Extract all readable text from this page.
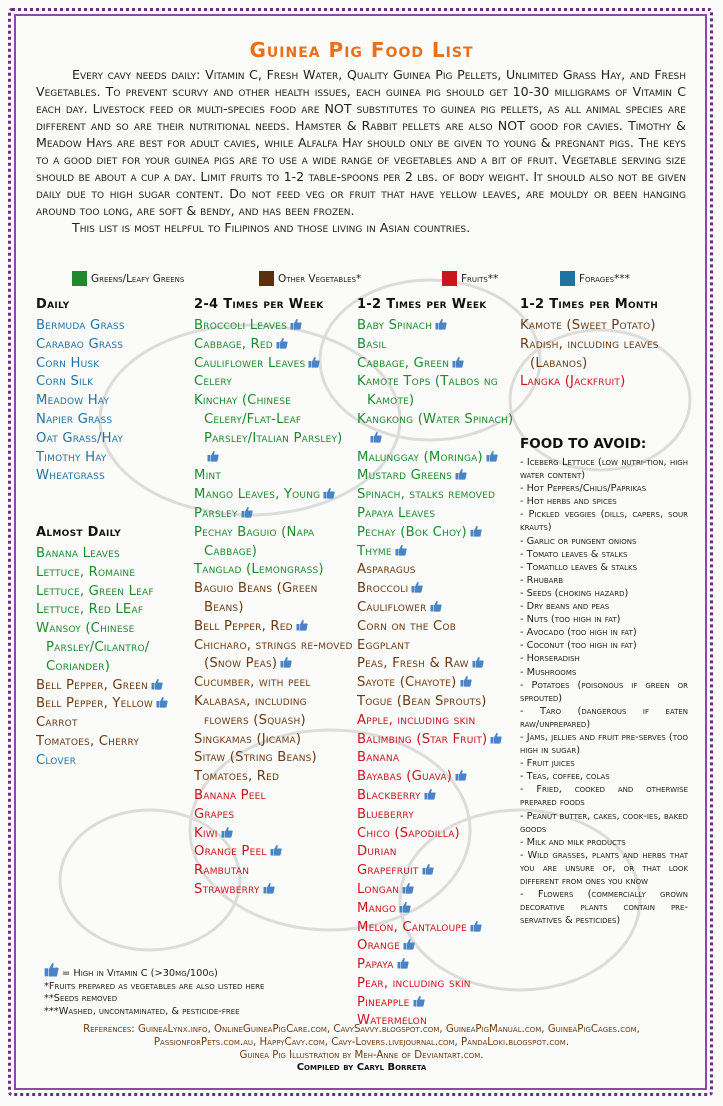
Guinea Pig Food List

Every cavy needs daily: Vitamin C, Fresh Water, Quality Guinea Pig Pellets, Unlimited Grass Hay, and Fresh Vegetables. To prevent scurvy and other health issues, each guinea pig should get 10-30 milligrams of Vitamin C each day. Livestock feed or multi-species food are NOT substitutes to guinea pig pellets, as all animal species are different and so are their nutritional needs. Hamster & Rabbit pellets are also NOT good for cavies. Timothy & Meadow Hays are best for adult cavies, while Alfalfa Hay should only be given to young & pregnant pigs. The keys to a good diet for your guinea pigs are to use a wide range of vegetables and a bit of fruit. Vegetable serving size should be about a cup a day. Limit fruits to 1-2 table-spoons per 2 lbs. of body weight. It should also not be given daily due to high sugar content. Do not feed veg or fruit that have yellow leaves, are mouldy or been hanging around too long, are soft & bendy, and has been frozen.

This list is most helpful to Filipinos and those living in Asian countries.

Greens/Leafy Greens	Other Vegetables*	Fruits**	Forages***
Daily
Bermuda Grass
Carabao Grass
Corn Husk
Corn Silk
Meadow Hay
Napier Grass
Oat Grass/Hay
Timothy Hay
Wheatgrass
Almost Daily
Banana Leaves
Lettuce, Romaine
Lettuce, Green Leaf
Lettuce, Red LEaf
Wansoy (Chinese Parsley/Cilantro/ Coriander)
Bell Pepper, Green
Bell Pepper, Yellow
Carrot
Tomatoes, Cherry
Clover
2-4 Times per Week
Broccoli Leaves
Cabbage, Red
Cauliflower Leaves
Celery
Kinchay (Chinese Celery/Flat-Leaf Parsley/Italian Parsley)
Mint
Mango Leaves, Young
Parsley
Pechay Baguio (Napa Cabbage)
Tanglad (Lemongrass)
Baguio Beans (Green Beans)
Bell Pepper, Red
Chicharo, strings re-moved (Snow Peas)
Cucumber, with peel
Kalabasa, including flowers (Squash)
Singkamas (Jicama)
Sitaw (String Beans)
Tomatoes, Red
Banana Peel
Grapes
Kiwi
Orange Peel
Rambutan
Strawberry
1-2 Times per Week
Baby Spinach
Basil
Cabbage, Green
Kamote Tops (Talbos ng Kamote)
Kangkong (Water Spinach)
Malunggay (Moringa)
Mustard Greens
Spinach, stalks removed
Papaya Leaves
Pechay (Bok Choy)
Thyme
Asparagus
Broccoli
Cauliflower
Corn on the Cob
Eggplant
Peas, Fresh & Raw
Sayote (Chayote)
Togue (Bean Sprouts)
Apple, including skin
Balimbing (Star Fruit)
Banana
Bayabas (Guava)
Blackberry
Blueberry
Chico (Sapodilla)
Durian
Grapefruit
Longan
Mango
Melon, Cantaloupe
Orange
Papaya
Pear, including skin
Pineapple
Watermelon
1-2 Times per Month
Kamote (Sweet Potato)
Radish, including leaves (Labanos)
Langka (Jackfruit)
FOOD TO AVOID:
- Iceberg Lettuce (low nutri-tion, high water content)
- Hot Peppers/Chilis/Paprikas
- Hot herbs and spices
- Pickled veggies (dills, capers, sour krauts)
- Garlic or pungent onions
- Tomato leaves & stalks
- Tomatillo leaves & stalks
- Rhubarb
- Seeds (choking hazard)
- Dry beans and peas
- Nuts (too high in fat)
- Avocado (too high in fat)
- Coconut (too high in fat)
- Horseradish
- Mushrooms
- Potatoes (poisonous if green or sprouted)
- Taro (dangerous if eaten raw/unprepared)
- Jams, jellies and fruit pre-serves (too high in sugar)
- Fruit juices
- Teas, coffee, colas
- Fried, cooked and otherwise prepared foods
- Peanut butter, cakes, cook-ies, baked goods
- Milk and milk products
- Wild grasses, plants and herbs that you are unsure of, or that look different from ones you know
- Flowers (commercially grown decorative plants contain pre-servatives & pesticides)
= High in Vitamin C (>30mg/100g)
*Fruits prepared as vegetables are also listed here
**Seeds removed
***Washed, uncontaminated, & pesticide-free
References: GuineaLynx.info, OnlineGuineaPigCare.com, CavySavvy.blogspot.com, GuineaPigManual.com, GuineaPigCages.com,
PassionforPets.com.au, HappyCavy.com, Cavy-Lovers.livejournal.com, PandaLoki.blogspot.com.
Guinea Pig Illustration by Meh-Anne of Deviantart.com.
Compiled by Caryl Borreta
